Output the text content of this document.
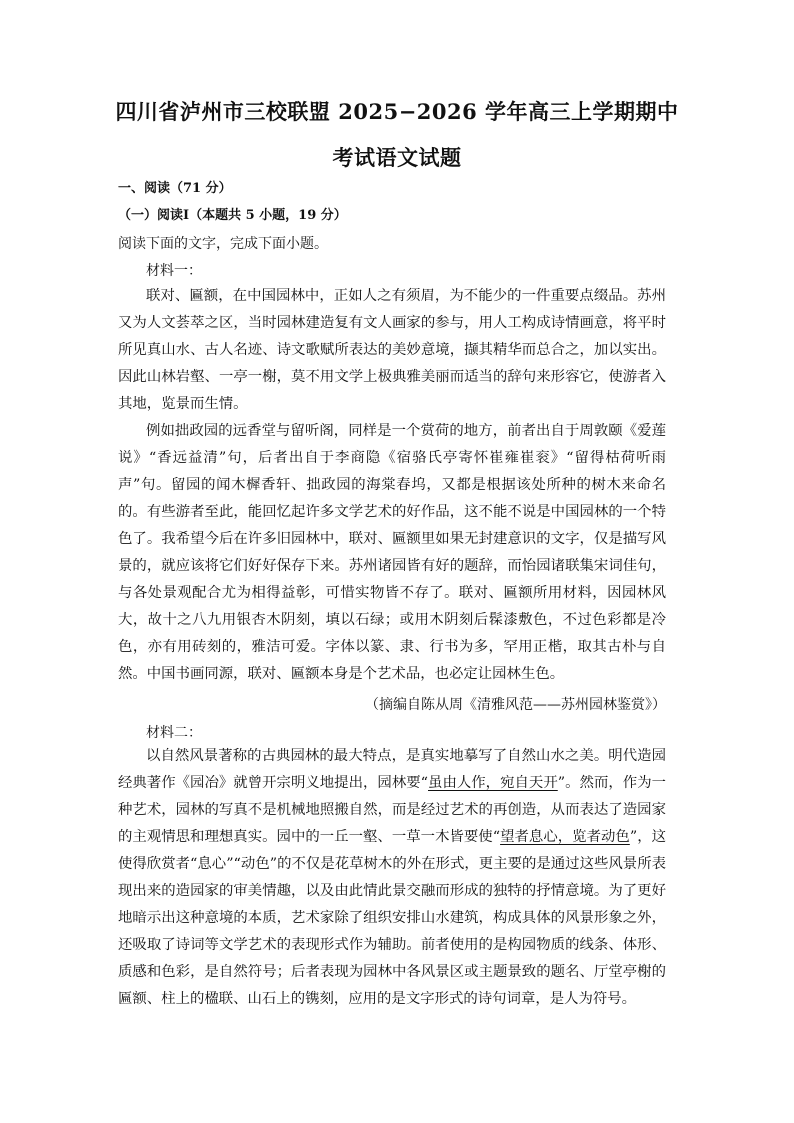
四川省泸州市三校联盟 2025−2026 学年高三上学期期中
考试语文试题
一、阅读（71 分）
（一）阅读Ⅰ（本题共 5 小题，19 分）
阅读下面的文字，完成下面小题。
材料一：

联对、匾额，在中国园林中，正如人之有须眉，为不能少的一件重要点缀品。苏州又为人文荟萃之区，当时园林建造复有文人画家的参与，用人工构成诗情画意，将平时所见真山水、古人名迹、诗文歌赋所表达的美妙意境，撷其精华而总合之，加以实出。因此山林岩壑、一亭一榭，莫不用文学上极典雅美丽而适当的辞句来形容它，使游者入其地，览景而生情。

例如拙政园的远香堂与留听阁，同样是一个赏荷的地方，前者出自于周敦颐《爱莲说》“香远益清”句，后者出自于李商隐《宿骆氏亭寄怀崔雍崔衮》“留得枯荷听雨声”句。留园的闻木樨香轩、拙政园的海棠春坞，又都是根据该处所种的树木来命名的。有些游者至此，能回忆起许多文学艺术的好作品，这不能不说是中国园林的一个特色了。我希望今后在许多旧园林中，联对、匾额里如果无封建意识的文字，仅是描写风景的，就应该将它们好好保存下来。苏州诸园皆有好的题辞，而怡园诸联集宋词佳句，与各处景观配合尤为相得益彰，可惜实物皆不存了。联对、匾额所用材料，因园林风大，故十之八九用银杏木阴刻，填以石绿；或用木阴刻后髹漆敷色，不过色彩都是冷色，亦有用砖刻的，雅洁可爱。字体以篆、隶、行书为多，罕用正楷，取其古朴与自然。中国书画同源，联对、匾额本身是个艺术品，也必定让园林生色。

（摘编自陈从周《清雅风范——苏州园林鉴赏》）
材料二：

以自然风景著称的古典园林的最大特点，是真实地摹写了自然山水之美。明代造园经典著作《园冶》就曾开宗明义地提出，园林要“虽由人作，宛自天开”。然而，作为一种艺术，园林的写真不是机械地照搬自然，而是经过艺术的再创造，从而表达了造园家的主观情思和理想真实。园中的一丘一壑、一草一木皆要使“望者息心，览者动色”，这使得欣赏者“息心”“动色”的不仅是花草树木的外在形式，更主要的是通过这些风景所表现出来的造园家的审美情趣，以及由此情此景交融而形成的独特的抒情意境。为了更好地暗示出这种意境的本质，艺术家除了组织安排山水建筑，构成具体的风景形象之外，还吸取了诗词等文学艺术的表现形式作为辅助。前者使用的是构园物质的线条、体形、质感和色彩，是自然符号；后者表现为园林中各风景区或主题景致的题名、厅堂亭榭的匾额、柱上的楹联、山石上的镌刻，应用的是文字形式的诗句词章，是人为符号。
